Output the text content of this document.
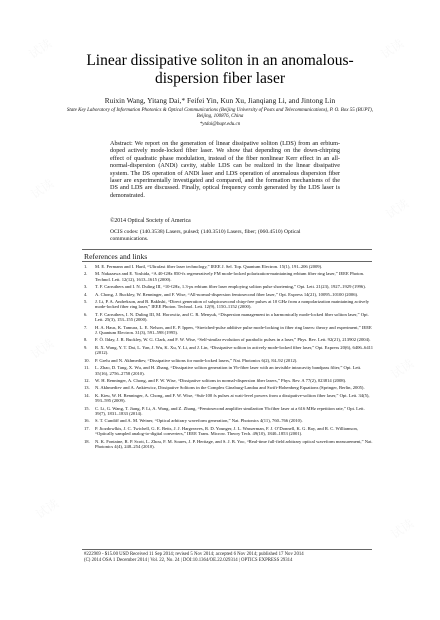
Linear dissipative soliton in an anomalous-dispersion fiber laser
Ruixin Wang, Yitang Dai,* Feifei Yin, Kun Xu, Jianqiang Li, and Jintong Lin
State Key Laboratory of Information Photonics & Optical Communications (Beijing University of Posts and Telecommunications), P. O. Box 55 (BUPT), Beijing, 100876, China
*ytdai@bupt.edu.cn
Abstract: We report on the generation of linear dissipative soliton (LDS) from an erbium-doped actively mode-locked fiber laser. We show that depending on the down-chirping effect of quadratic phase modulation, instead of the fiber nonlinear Kerr effect in an all-normal-dispersion (ANDi) cavity, stable LDS can be realized in the linear dissipative system. The DS operation of ANDi laser and LDS operation of anomalous dispersion fiber laser are experimentally investigated and compared, and the formation mechanisms of the DS and LDS are discussed. Finally, optical frequency comb generated by the LDS laser is demonstrated.
©2014 Optical Society of America
OCIS codes: (140.3538) Lasers, pulsed; (140.3510) Lasers, fiber; (060.4510) Optical communications.
References and links
1.	M. E. Fermann and I. Hartl, “Ultrafast fiber laser technology,” IEEE J. Sel. Top. Quantum Electron. 15(1), 191–206 (2009).
2.	M. Nakazawa and E. Yoshida, “A 40-GHz 850-fs regeneratively FM mode-locked polarization-maintaining erbium fiber ring laser,” IEEE Photon. Technol. Lett. 12(12), 1613–1615 (2000).
3.	T. F. Carruthers and I. N. Duling III, “10-GHz, 1.3-ps erbium fiber laser employing soliton pulse shortening,” Opt. Lett. 21(23), 1927–1929 (1996).
4.	A. Chong, J. Buckley, W. Renninger, and F. Wise, “All-normal-dispersion femtosecond fiber laser,” Opt. Express 14(21), 10095–10100 (2006).
5.	J. Li, P. A. Andrekson, and B. Bakhshi, “Direct generation of subpicosecond chirp-free pulses at 10 GHz from a nonpolarization maintaining actively mode-locked fiber ring laser,” IEEE Photon. Technol. Lett. 12(9), 1150–1152 (2000).
6.	T. F. Carruthers, I. N. Duling III, M. Horowitz, and C. R. Menyuk, “Dispersion management in a harmonically mode-locked fiber soliton laser,” Opt. Lett. 25(3), 153–155 (2000).
7.	H. A. Haus, K. Tamura, L. E. Nelson, and E. P. Ippen, “Stretched-pulse additive pulse mode-locking in fiber ring lasers: theory and experiment,” IEEE J. Quantum Electron. 31(3), 591–598 (1995).
8.	F. Ö. Ilday, J. R. Buckley, W. G. Clark, and F. W. Wise, “Self-similar evolution of parabolic pulses in a laser,” Phys. Rev. Lett. 92(21), 213902 (2004).
9.	R. X. Wang, Y. T. Dai, L. Yan, J. Wu, K. Xu, Y. Li, and J. Lin, “Dissipative soliton in actively mode-locked fiber laser,” Opt. Express 20(6), 6406–6411 (2012).
10.	P. Grelu and N. Akhmediev, “Dissipative solitons for mode-locked lasers,” Nat. Photonics 6(2), 84–92 (2012).
11.	L. Zhao, D. Tang, X. Wu, and H. Zhang, “Dissipative soliton generation in Yb-fiber laser with an invisible intracavity bandpass filter,” Opt. Lett. 35(16), 2756–2758 (2010).
12.	W. H. Renninger, A. Chong, and F. W. Wise, “Dissipative solitons in normal-dispersion fiber lasers,” Phys. Rev. A 77(2), 023814 (2008).
13.	N. Akhmediev and A. Ankiewicz, Dissipative Solitons in the Complex Ginzburg-Landau and Swift-Hohenberg Equations (Springer, Berlin, 2005).
14.	K. Kieu, W. H. Renninger, A. Chong, and F. W. Wise, “Sub-100 fs pulses at watt-level powers from a dissipative-soliton fiber laser,” Opt. Lett. 34(5), 593–595 (2009).
15.	C. Li, G. Wang, T. Jiang, P. Li, A. Wang, and Z. Zhang, “Femtosecond amplifier similariton Yb:fiber laser at a 616 MHz repetition rate,” Opt. Lett. 39(7), 1831–1833 (2014).
16.	S. T. Cundiff and A. M. Weiner, “Optical arbitrary waveform generation,” Nat. Photonics 4(11), 760–766 (2010).
17.	P. Jiozdowlkis, J. C. Twichell, G. E. Betts, J. J. Hargreaves, R. D. Younger, J. L. Wasserman, F. J. O’Donnell, K. G. Ray, and R. C. Williamson, “Optically sampled analog-to-digital converters,” IEEE Trans. Microw. Theory Tech. 49(10), 1840–1853 (2001).
18.	N. K. Fontaine, R. P. Scott, L. Zhou, F. M. Soares, J. P. Heritage, and S. J. B. Yoo, “Real-time full-field arbitrary optical waveform measurement,” Nat. Photonics 4(4), 248–254 (2010).
#222969 - $15.00 USD Received 11 Sep 2014; revised 5 Nov 2014; accepted 6 Nov 2014; published 17 Nov 2014
(C) 2014 OSA 1 December 2014 | Vol. 22, No. 24 | DOI:10.1364/OE.22.029314 | OPTICS EXPRESS 29314
